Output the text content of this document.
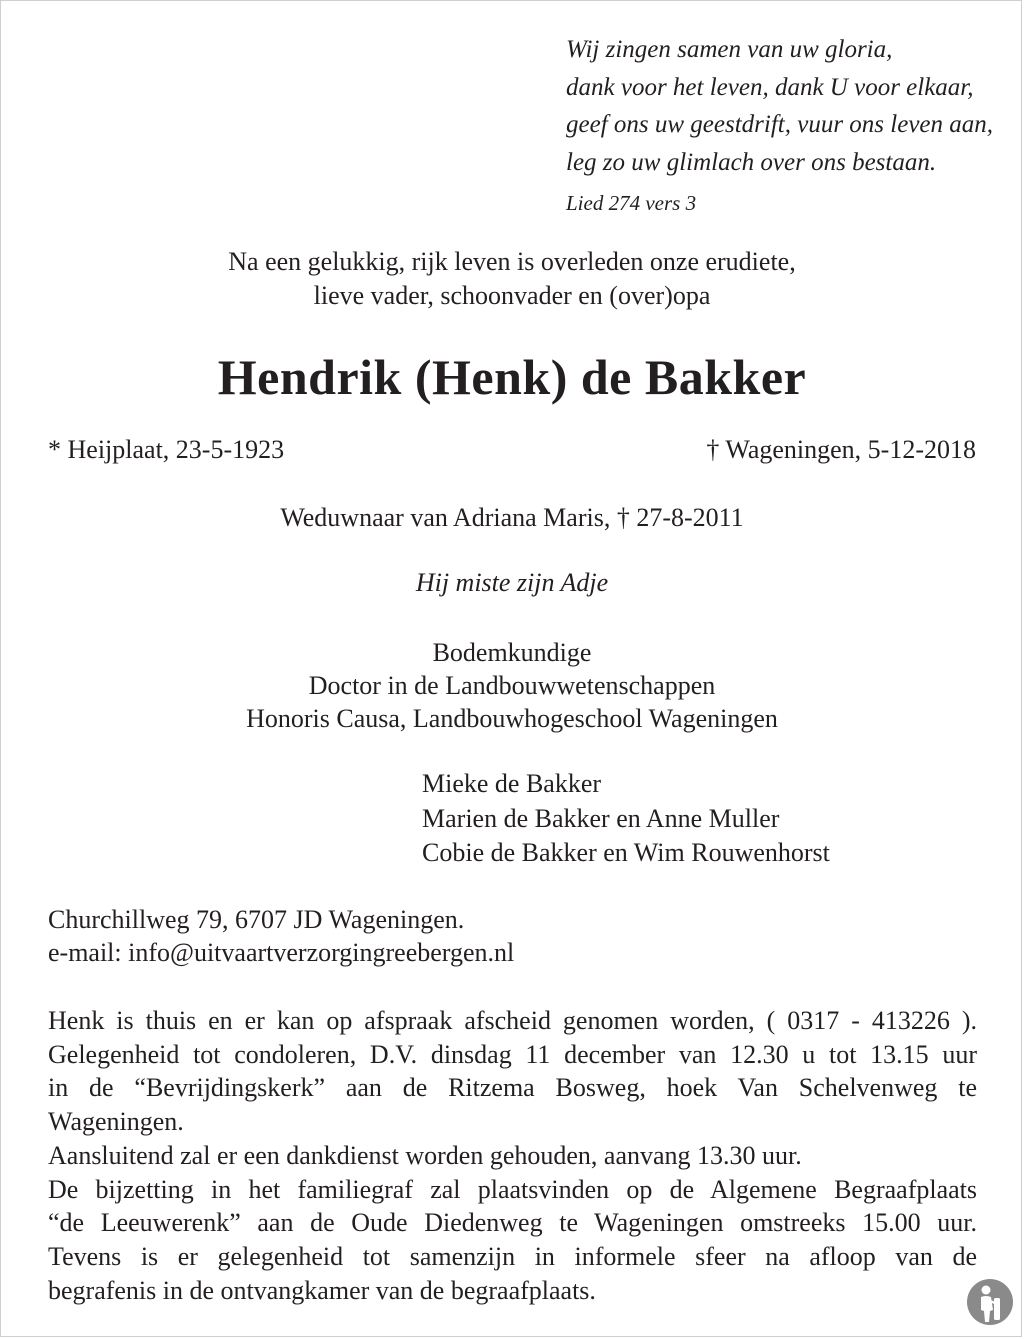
Wij zingen samen van uw gloria,
dank voor het leven, dank U voor elkaar,
geef ons uw geestdrift, vuur ons leven aan,
leg zo uw glimlach over ons bestaan.
Lied 274 vers 3
Na een gelukkig, rijk leven is overleden onze erudiete,
lieve vader, schoonvader en (over)opa
Hendrik (Henk) de Bakker
* Heijplaat, 23-5-1923	† Wageningen, 5-12-2018
Weduwnaar van Adriana Maris, † 27-8-2011
Hij miste zijn Adje
Bodemkundige
Doctor in de Landbouwwetenschappen
Honoris Causa, Landbouwhogeschool Wageningen
Mieke de Bakker
Marien de Bakker en Anne Muller
Cobie de Bakker en Wim Rouwenhorst
Churchillweg 79, 6707 JD Wageningen.
e-mail: info@uitvaartverzorgingreebergen.nl
Henk is thuis en er kan op afspraak afscheid genomen worden, ( 0317 - 413226 ).
Gelegenheid tot condoleren, D.V. dinsdag 11 december van 12.30 u tot 13.15 uur
in de “Bevrijdingskerk” aan de Ritzema Bosweg, hoek Van Schelvenweg te
Wageningen.
Aansluitend zal er een dankdienst worden gehouden, aanvang 13.30 uur.
De bijzetting in het familiegraf zal plaatsvinden op de Algemene Begraafplaats
“de Leeuwerenk” aan de Oude Diedenweg te Wageningen omstreeks 15.00 uur.
Tevens is er gelegenheid tot samenzijn in informele sfeer na afloop van de
begrafenis in de ontvangkamer van de begraafplaats.
